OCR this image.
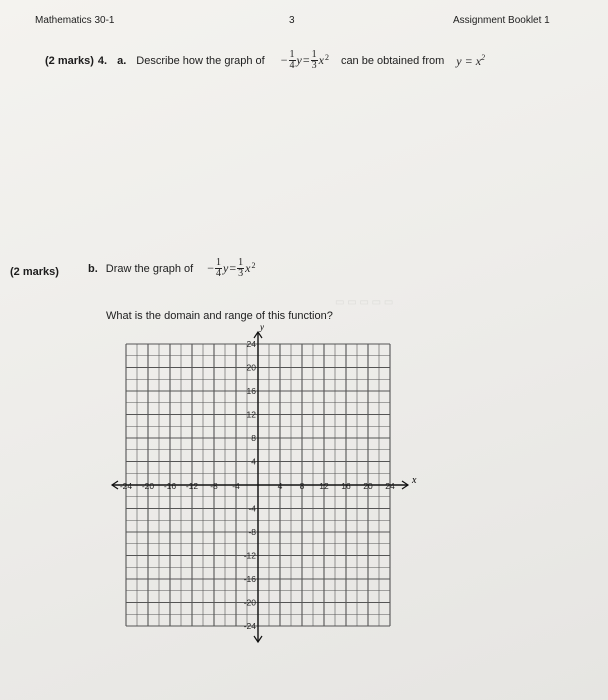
Mathematics 30-1	3	Assignment Booklet 1
(2 marks) 4. a. Describe how the graph of − $\frac{1}{4}$ $y = \frac{1}{3} x^2$ can be obtained from $y = x^2$
▭ ▭ ▭ ▭ ▭
(2 marks)	b. Draw the graph of − $\frac{1}{4}$ $y = \frac{1}{3} x^2$
What is the domain and range of this function?
x
y
-24 -20 -16 -12 -8 -4	4 8 12 16 20 24
24
20
16
12
8
4
-4
-8
-12
-16
-20
-24
